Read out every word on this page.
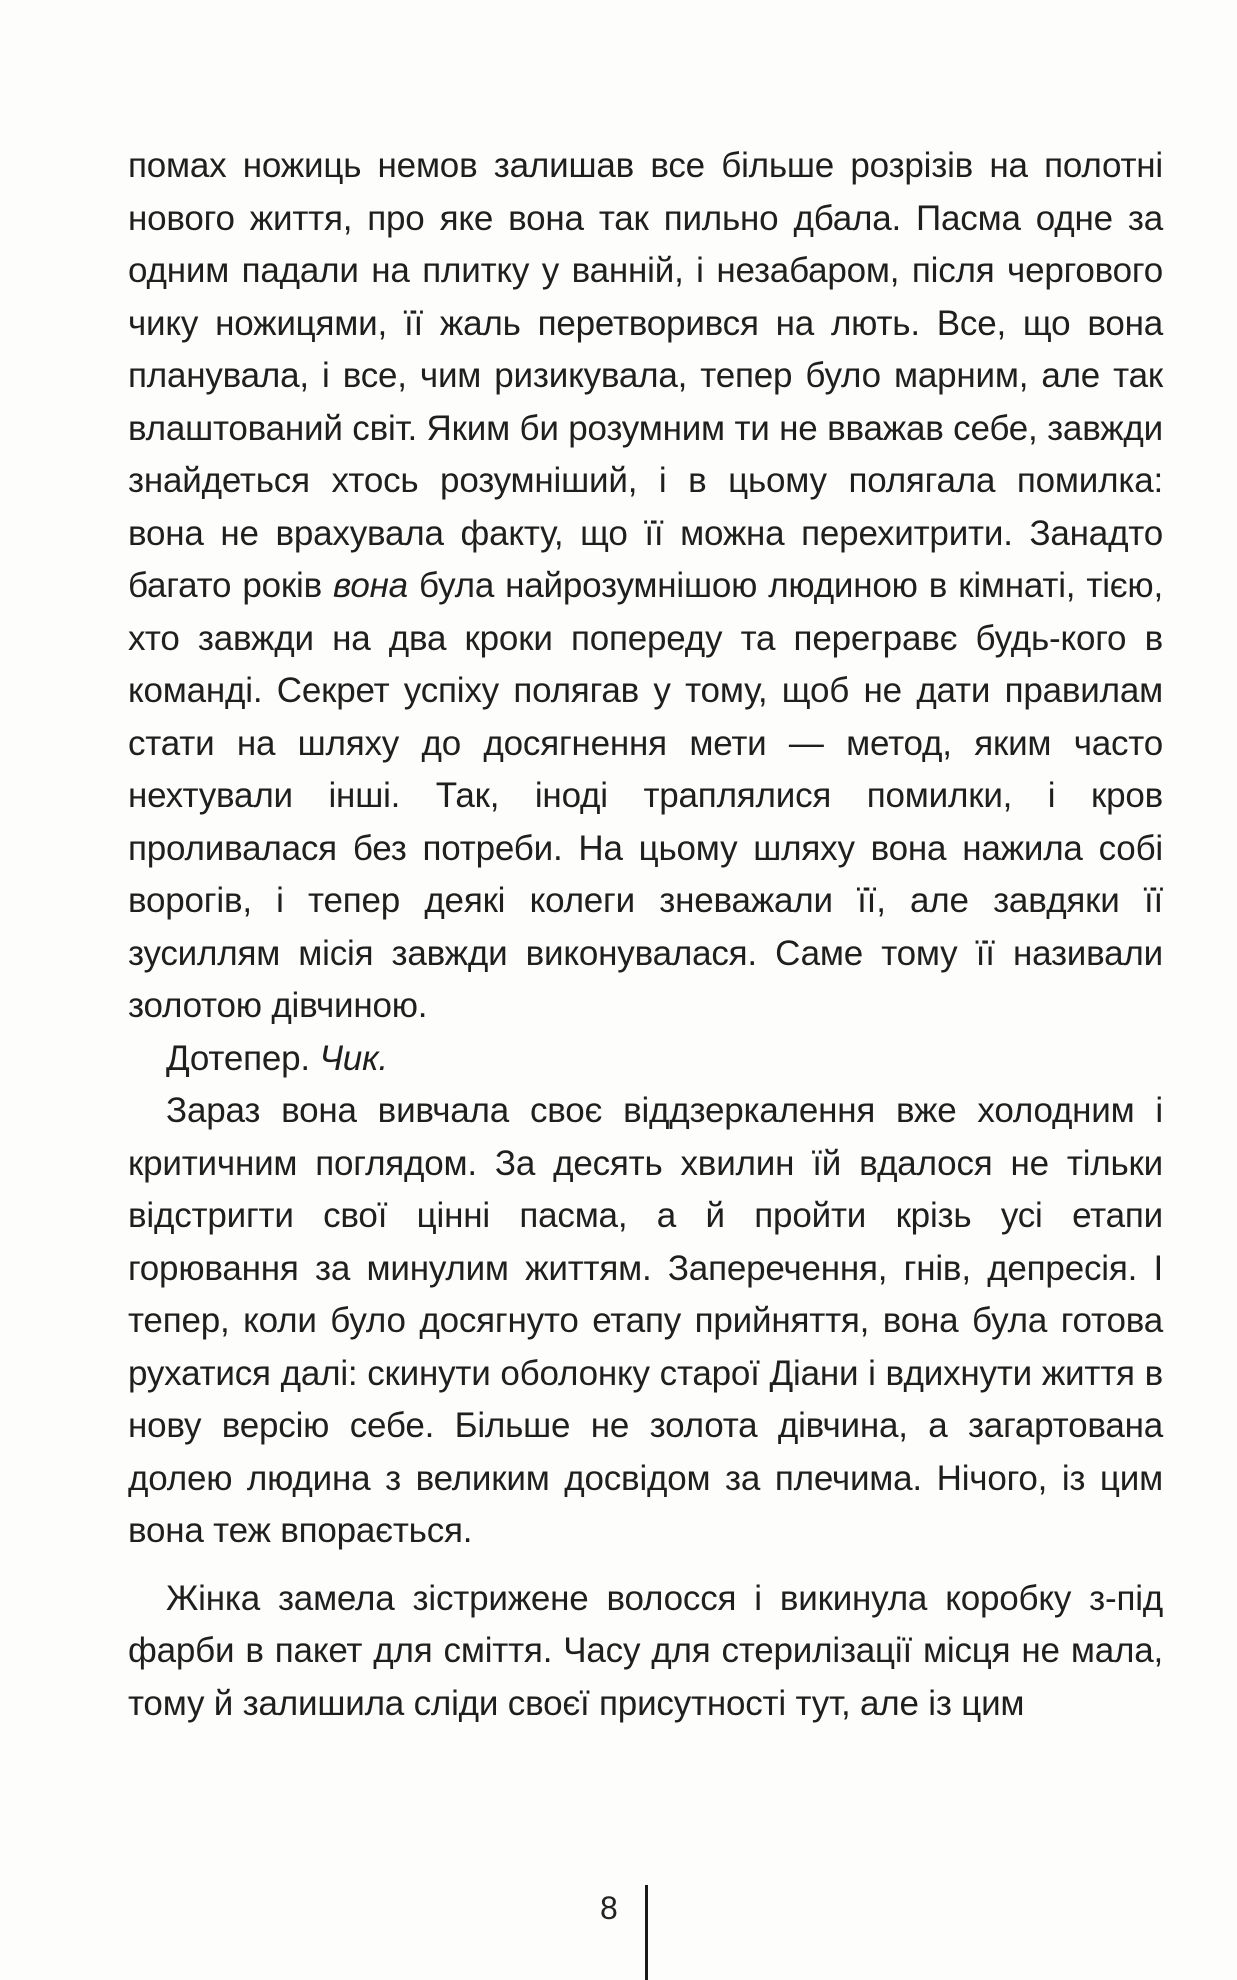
помах ножиць немов залишав все більше розрізів на полотні нового життя, про яке вона так пильно дбала. Пасма одне за одним падали на плитку у ванній, і незабаром, після чергового чику ножицями, її жаль перетворився на лють. Все, що вона планувала, і все, чим ризикувала, тепер було марним, але так влаштований світ. Яким би розумним ти не вважав себе, завжди знайдеться хтось розумніший, і в цьому полягала помилка: вона не врахувала факту, що її можна перехитрити. Занадто багато років вона була найрозумнішою людиною в кімнаті, тією, хто завжди на два кроки попереду та перегравє будь-кого в команді. Секрет успіху полягав у тому, щоб не дати правилам стати на шляху до досягнення мети — метод, яким часто нехтували інші. Так, іноді траплялися помилки, і кров проливалася без потреби. На цьому шляху вона нажила собі ворогів, і тепер деякі колеги зневажали її, але завдяки її зусиллям місія завжди виконувалася. Саме тому її називали золотою дівчиною.

Дотепер. Чик.

Зараз вона вивчала своє віддзеркалення вже холодним і критичним поглядом. За десять хвилин їй вдалося не тільки відстригти свої цінні пасма, а й пройти крізь усі етапи горювання за минулим життям. Заперечення, гнів, депресія. І тепер, коли було досягнуто етапу прийняття, вона була готова рухатися далі: скинути оболонку старої Діани і вдихнути життя в нову версію себе. Більше не золота дівчина, а загартована долею людина з великим досвідом за плечима. Нічого, із цим вона теж впорається.

Жінка замела зістрижене волосся і викинула коробку з-під фарби в пакет для сміття. Часу для стерилізації місця не мала, тому й залишила сліди своєї присутності тут, але із цим

8
